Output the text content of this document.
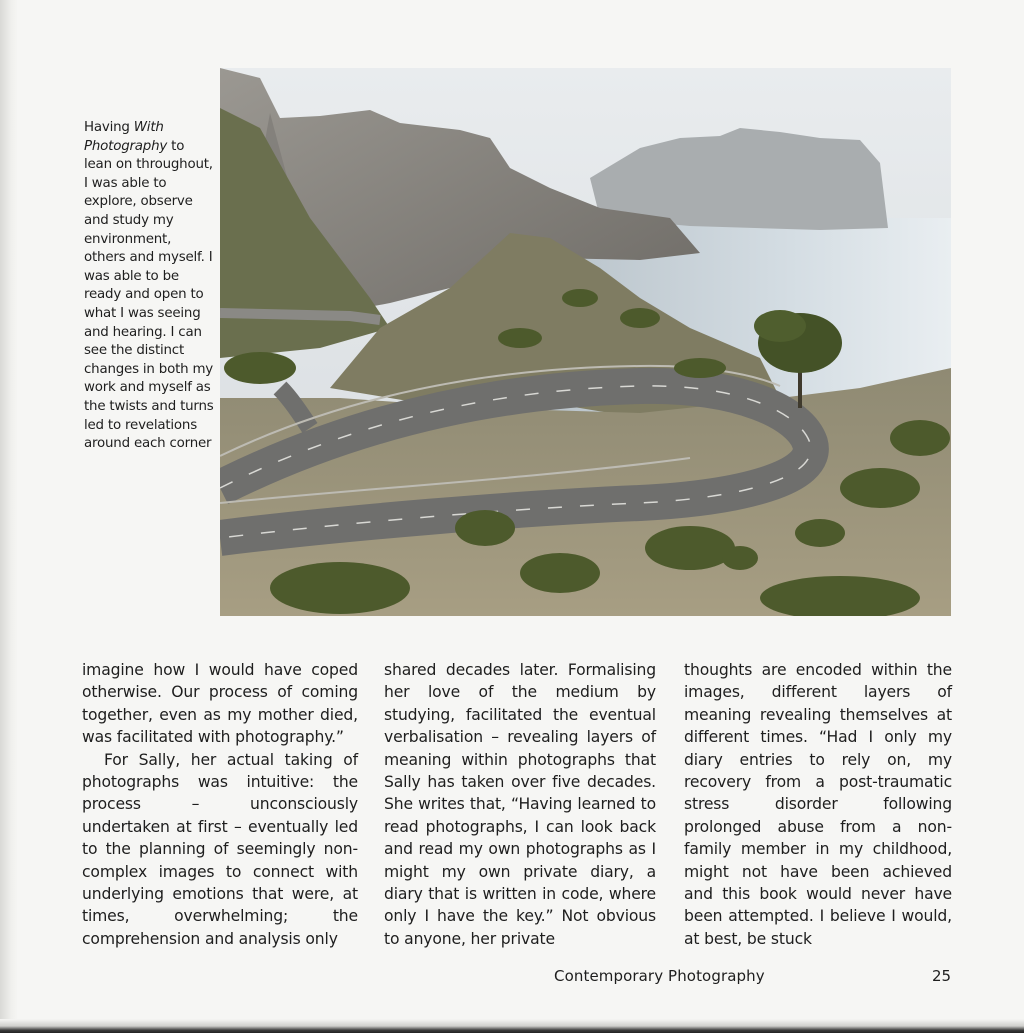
Having With Photography to lean on throughout, I was able to explore, observe and study my environment, others and myself. I was able to be ready and open to what I was seeing and hearing. I can see the distinct changes in both my work and myself as the twists and turns led to revelations around each corner

imagine how I would have coped otherwise. Our process of coming together, even as my mother died, was facilitated with photography.”

For Sally, her actual taking of photographs was intuitive: the process – unconsciously undertaken at first – eventually led to the planning of seemingly non-complex images to connect with underlying emotions that were, at times, overwhelming; the comprehension and analysis only

shared decades later. Formalising her love of the medium by studying, facilitated the eventual verbalisation – revealing layers of meaning within photographs that Sally has taken over five decades. She writes that, “Having learned to read photographs, I can look back and read my own photographs as I might my own private diary, a diary that is written in code, where only I have the key.” Not obvious to anyone, her private

thoughts are encoded within the images, different layers of meaning revealing themselves at different times. “Had I only my diary entries to rely on, my recovery from a post-traumatic stress disorder following prolonged abuse from a non-family member in my childhood, might not have been achieved and this book would never have been attempted. I believe I would, at best, be stuck

Contemporary Photography	25
